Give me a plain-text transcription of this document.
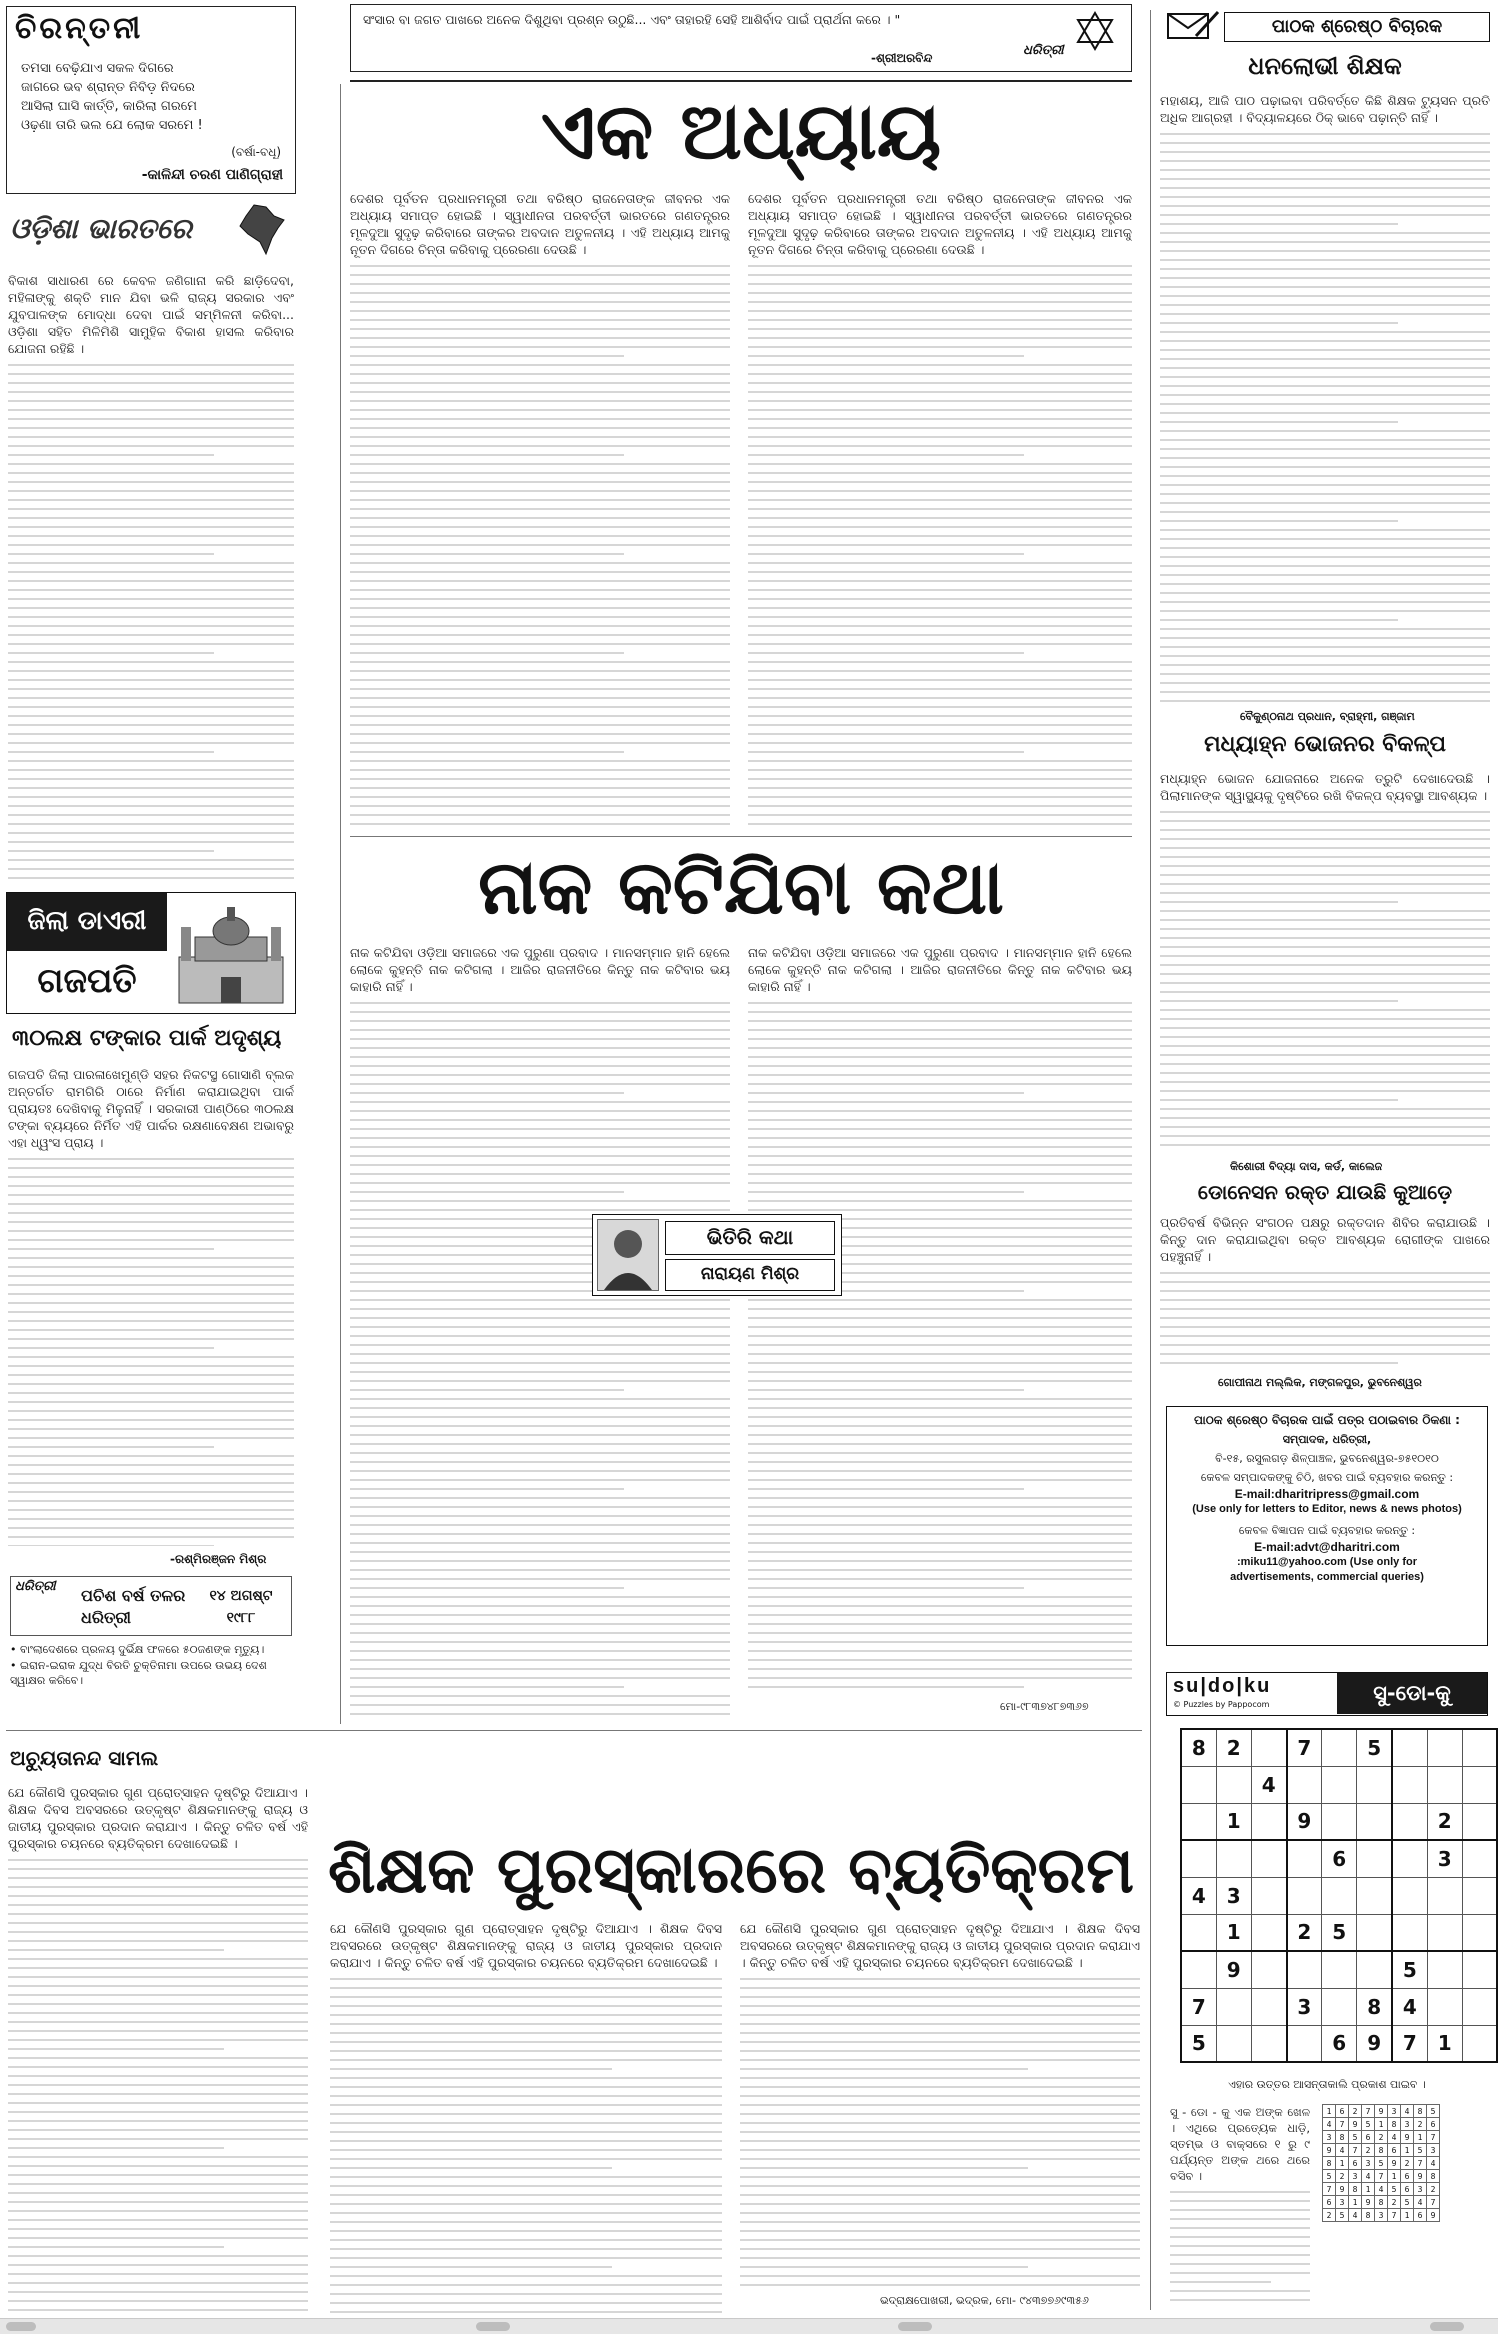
ଚିରନ୍ତନୀ
ତମସା ବେଢ଼ିଯାଏ ସକଳ ଦିଗରେ
ଜାଗରେ ଭବ ଶ୍ରାନ୍ତ ନିବିଡ଼ ନିଦରେ
ଆସିଲା ଘାସି କାର୍ତ୍ତି, କାରିଲା ଗରମେ
ଓଢ଼ଣା ତାରି ଭଲ ଯେ ଲୋକ ସରମେ !
(ବର୍ଷା-ବଧୂ)
-କାଳିନ୍ଦୀ ଚରଣ ପାଣିଗ୍ରାହୀ
ସଂସାର ବା ଜଗତ ପାଖରେ ଅନେକ ଦିଶୁଥିବା ପ୍ରଶ୍ନ ଉଠୁଛି... ଏବଂ ତାହାରହି ସେହି ଆଶିର୍ବାଦ ପାଇଁ ପ୍ରାର୍ଥନା କରେ । "
-ଶ୍ରୀଅରବିନ୍ଦ	ଧରିତ୍ରୀ
ପାଠକ ଶ୍ରେଷ୍ଠ ବିଚାରକ
ଓଡ଼ିଶା ଭାରତରେ
ବିକାଶ ସାଧାରଣ ରେ କେବଳ ଜଣିଗାନା କରି ଛାଡ଼ିଦେବା, ମହିଳାଙ୍କୁ ଶକ୍ତି ମାନ ଯିବା ଭଳି ରାଜ୍ୟ ସରକାର ଏବଂ ଯୁବପାଳଙ୍କ ମୋଦ୍ଧା ଦେବା ପାଇଁ ସମ୍ମିଳନୀ କରିବା... ଓଡ଼ିଶା ସହିତ ମିଳିମିଶି ସାମୁହିକ ବିକାଶ ହାସଲ କରିବାର ଯୋଜନା ରହିଛି ।
ଜିଲା ଡାଏରୀ
ଗଜପତି
୩୦ଲକ୍ଷ ଟଙ୍କାର ପାର୍କ ଅଦୃଶ୍ୟ
ଗଜପତି ଜିଲା ପାରଳାଖେମୁଣ୍ଡି ସହର ନିକଟସ୍ଥ ଗୋସାଣି ବ୍ଲକ ଅନ୍ତର୍ଗତ ରାମଗିରି ଠାରେ ନିର୍ମାଣ କରାଯାଇଥିବା ପାର୍କ ପ୍ରାୟତଃ ଦେଖିବାକୁ ମିଳୁନାହିଁ । ସରକାରୀ ପାଣ୍ଠିରେ ୩୦ଲକ୍ଷ ଟଙ୍କା ବ୍ୟୟରେ ନିର୍ମିତ ଏହି ପାର୍କର ରକ୍ଷଣାବେକ୍ଷଣ ଅଭାବରୁ ଏହା ଧ୍ୱଂସ ପ୍ରାୟ ।
-ରଶ୍ମିରଞ୍ଜନ ମିଶ୍ର
ଧରିତ୍ରୀ ପଚିଶ ବର୍ଷ ତଳର ଧରିତ୍ରୀ
୧୪ ଅଗଷ୍ଟ ୧୯୮୮
• ବାଂଲାଦେଶରେ ପ୍ରଳୟ ଦୁର୍ଭିକ୍ଷ ଫଳରେ ୫୦ଜଣଙ୍କ ମୃତ୍ୟୁ।
• ଇରାନ-ଇରାକ ଯୁଦ୍ଧ ବିରତି ଚୁକ୍ତିନାମା ଉପରେ ଉଭୟ ଦେଶ ସ୍ୱାକ୍ଷର କରିବେ।
ଏକ ଅଧ୍ୟାୟ
ଦେଶର ପୂର୍ବତନ ପ୍ରଧାନମନ୍ତ୍ରୀ ତଥା ବରିଷ୍ଠ ରାଜନେତାଙ୍କ ଜୀବନର ଏକ ଅଧ୍ୟାୟ ସମାପ୍ତ ହୋଇଛି । ସ୍ୱାଧୀନତା ପରବର୍ତ୍ତୀ ଭାରତରେ ଗଣତନ୍ତ୍ରର ମୂଳଦୁଆ ସୁଦୃଢ଼ କରିବାରେ ତାଙ୍କର ଅବଦାନ ଅତୁଳନୀୟ । ଏହି ଅଧ୍ୟାୟ ଆମକୁ ନୂତନ ଦିଗରେ ଚିନ୍ତା କରିବାକୁ ପ୍ରେରଣା ଦେଉଛି ।
ଦେଶର ପୂର୍ବତନ ପ୍ରଧାନମନ୍ତ୍ରୀ ତଥା ବରିଷ୍ଠ ରାଜନେତାଙ୍କ ଜୀବନର ଏକ ଅଧ୍ୟାୟ ସମାପ୍ତ ହୋଇଛି । ସ୍ୱାଧୀନତା ପରବର୍ତ୍ତୀ ଭାରତରେ ଗଣତନ୍ତ୍ରର ମୂଳଦୁଆ ସୁଦୃଢ଼ କରିବାରେ ତାଙ୍କର ଅବଦାନ ଅତୁଳନୀୟ । ଏହି ଅଧ୍ୟାୟ ଆମକୁ ନୂତନ ଦିଗରେ ଚିନ୍ତା କରିବାକୁ ପ୍ରେରଣା ଦେଉଛି ।
ନାକ କଟିଯିବା କଥା
ନାକ କଟିଯିବା ଓଡ଼ିଆ ସମାଜରେ ଏକ ପୁରୁଣା ପ୍ରବାଦ । ମାନସମ୍ମାନ ହାନି ହେଲେ ଲୋକେ କୁହନ୍ତି ନାକ କଟିଗଲା । ଆଜିର ରାଜନୀତିରେ କିନ୍ତୁ ନାକ କଟିବାର ଭୟ କାହାରି ନାହିଁ ।
ନାକ କଟିଯିବା ଓଡ଼ିଆ ସମାଜରେ ଏକ ପୁରୁଣା ପ୍ରବାଦ । ମାନସମ୍ମାନ ହାନି ହେଲେ ଲୋକେ କୁହନ୍ତି ନାକ କଟିଗଲା । ଆଜିର ରାଜନୀତିରେ କିନ୍ତୁ ନାକ କଟିବାର ଭୟ କାହାରି ନାହିଁ ।
ଭିତିରି କଥା
ନାରାୟଣ ମିଶ୍ର
ମୋ-୯୮୩୭୪୮୭୩୬୭
ଶିକ୍ଷକ ପୁରସ୍କାରରେ ବ୍ୟତିକ୍ରମ
ଅଚ୍ୟୁତାନନ୍ଦ ସାମଲ
ଯେ କୌଣସି ପୁରସ୍କାର ଗୁଣ ପ୍ରୋତ୍ସାହନ ଦୃଷ୍ଟିରୁ ଦିଆଯାଏ । ଶିକ୍ଷକ ଦିବସ ଅବସରରେ ଉତ୍କୃଷ୍ଟ ଶିକ୍ଷକମାନଙ୍କୁ ରାଜ୍ୟ ଓ ଜାତୀୟ ପୁରସ୍କାର ପ୍ରଦାନ କରାଯାଏ । କିନ୍ତୁ ଚଳିତ ବର୍ଷ ଏହି ପୁରସ୍କାର ଚୟନରେ ବ୍ୟତିକ୍ରମ ଦେଖାଦେଇଛି ।
ଯେ କୌଣସି ପୁରସ୍କାର ଗୁଣ ପ୍ରୋତ୍ସାହନ ଦୃଷ୍ଟିରୁ ଦିଆଯାଏ । ଶିକ୍ଷକ ଦିବସ ଅବସରରେ ଉତ୍କୃଷ୍ଟ ଶିକ୍ଷକମାନଙ୍କୁ ରାଜ୍ୟ ଓ ଜାତୀୟ ପୁରସ୍କାର ପ୍ରଦାନ କରାଯାଏ । କିନ୍ତୁ ଚଳିତ ବର୍ଷ ଏହି ପୁରସ୍କାର ଚୟନରେ ବ୍ୟତିକ୍ରମ ଦେଖାଦେଇଛି ।
ଯେ କୌଣସି ପୁରସ୍କାର ଗୁଣ ପ୍ରୋତ୍ସାହନ ଦୃଷ୍ଟିରୁ ଦିଆଯାଏ । ଶିକ୍ଷକ ଦିବସ ଅବସରରେ ଉତ୍କୃଷ୍ଟ ଶିକ୍ଷକମାନଙ୍କୁ ରାଜ୍ୟ ଓ ଜାତୀୟ ପୁରସ୍କାର ପ୍ରଦାନ କରାଯାଏ । କିନ୍ତୁ ଚଳିତ ବର୍ଷ ଏହି ପୁରସ୍କାର ଚୟନରେ ବ୍ୟତିକ୍ରମ ଦେଖାଦେଇଛି ।
ଭଦ୍ରାକ୍ଷପୋଖରୀ, ଭଦ୍ରକ, ମୋ- ୯୪୩୭୭୬୯୩୫୬
ଧନଲୋଭୀ ଶିକ୍ଷକ
ମହାଶୟ, ଆଜି ପାଠ ପଢ଼ାଇବା ପରିବର୍ତ୍ତେ କିଛି ଶିକ୍ଷକ ଟ୍ୟୁସନ ପ୍ରତି ଅଧିକ ଆଗ୍ରହୀ । ବିଦ୍ୟାଳୟରେ ଠିକ୍ ଭାବେ ପଢ଼ାନ୍ତି ନାହିଁ ।
ବୈକୁଣ୍ଠନାଥ ପ୍ରଧାନ, ବ୍ରାହ୍ମୀ, ଗଞ୍ଜାମ
ମଧ୍ୟାହ୍ନ ଭୋଜନର ବିକଳ୍ପ
ମଧ୍ୟାହ୍ନ ଭୋଜନ ଯୋଜନାରେ ଅନେକ ତ୍ରୁଟି ଦେଖାଦେଉଛି । ପିଲାମାନଙ୍କ ସ୍ୱାସ୍ଥ୍ୟକୁ ଦୃଷ୍ଟିରେ ରଖି ବିକଳ୍ପ ବ୍ୟବସ୍ଥା ଆବଶ୍ୟକ ।
କିଶୋରୀ ବିଦ୍ୟା ଦାସ, କର୍ଡ, କାଲେଜ
ଡୋନେସନ ରକ୍ତ ଯାଉଛି କୁଆଡ଼େ
ପ୍ରତିବର୍ଷ ବିଭିନ୍ନ ସଂଗଠନ ପକ୍ଷରୁ ରକ୍ତଦାନ ଶିବିର କରାଯାଉଛି । କିନ୍ତୁ ଦାନ କରାଯାଇଥିବା ରକ୍ତ ଆବଶ୍ୟକ ରୋଗୀଙ୍କ ପାଖରେ ପହଞ୍ଚୁନାହିଁ ।
ଗୋପୀନାଥ ମଲ୍ଲିକ, ମଙ୍ଗଳପୁର, ଭୁବନେଶ୍ୱର
ପାଠକ ଶ୍ରେଷ୍ଠ ବିଚାରକ ପାଇଁ ପତ୍ର ପଠାଇବାର ଠିକଣା :
ସମ୍ପାଦକ, ଧରିତ୍ରୀ,
ବି-୧୫, ରସୁଲଗଡ଼ ଶିଳ୍ପାଞ୍ଚଳ, ଭୁବନେଶ୍ୱର-୭୫୧୦୧୦
କେବଳ ସମ୍ପାଦକଙ୍କୁ ଚିଠି, ଖବର ପାଇଁ ବ୍ୟବହାର କରନ୍ତୁ :
E-mail:dharitripress@gmail.com
(Use only for letters to Editor, news & news photos)
କେବଳ ବିଜ୍ଞାପନ ପାଇଁ ବ୍ୟବହାର କରନ୍ତୁ :
E-mail:advt@dharitri.com
:miku11@yahoo.com (Use only for
advertisements, commercial queries)
su|do|ku
© Puzzles by Pappocom	ସୁ-ଡୋ-କୁ
8	2		7		5			
		4						
	1		9				2	
				6			3	
4	3							
	1		2	5				
	9					5		
7			3		8	4		
5				6	9	7	1	
ଏହାର ଉତ୍ତର ଆସନ୍ତାକାଲି ପ୍ରକାଶ ପାଇବ ।
ସୁ - ଡୋ - କୁ ଏକ ଅଙ୍କ ଖେଳ । ଏଥିରେ ପ୍ରତ୍ୟେକ ଧାଡ଼ି, ସ୍ତମ୍ଭ ଓ ବାକ୍ସରେ ୧ ରୁ ୯ ପର୍ଯ୍ୟନ୍ତ ଅଙ୍କ ଥରେ ଥରେ ବସିବ ।
1	6	2	7	9	3	4	8	5
4	7	9	5	1	8	3	2	6
3	8	5	6	2	4	9	1	7
9	4	7	2	8	6	1	5	3
8	1	6	3	5	9	2	7	4
5	2	3	4	7	1	6	9	8
7	9	8	1	4	5	6	3	2
6	3	1	9	8	2	5	4	7
2	5	4	8	3	7	1	6	9
